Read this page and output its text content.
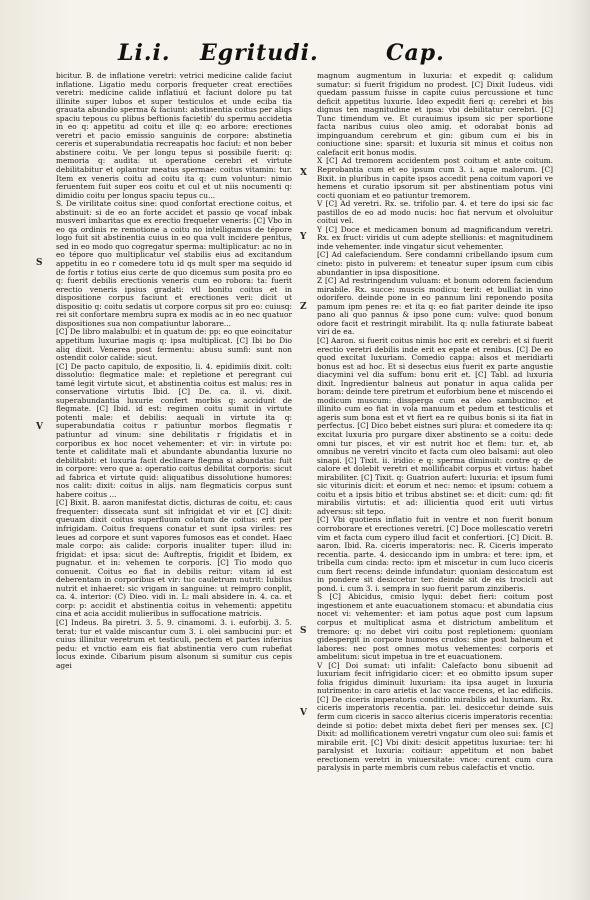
Li.i. Egritudi.	Cap.
S
V
X
Y
Z
S
V

bicitur. B. de inflatione veretri: vetrici medicine calide faciut inflatione. Ligatio medu corporis frequeter creat erectiões veretri: medicine calide inflatiuú et faciunt dolore pu tat illinite super lubos et super testiculos et unde eciba tia grauata abundio sperma & faciunt: abstinentia coitus per aliqs spaciu tepous cu plibus beftionis facietib' du spermu accidetia in eo q: appetitu ad coitu et ille q: eo arbore: erectiones veretri et pacio emissio sanguinis de corpore: abstinetia cereris et superabundatia recreapatis hoc faciut: et non beber abstinere coitu. Ve per longu tepus si possibile fuerit: q: memoria q: audita: ut operatione cerebri et virtute debilitabitur et oplantur meatus spermae: coitus vitamin: tur. Item ex veneris coitu ad coitu ita q: cum voluntur: nimio feruentem fuit super eos coitu et cul et ut niis nocumenti q: dimidio coitu per longus spaciu tepus cu...

S. De virilitate coitus sine: quod confortat erectione coitus, et abstinuit: si de eo an forte accidet et passio qe vocaf inbak musveri imbaritas que ex erectio frequeter veneris: [C] Vbo in eo qa ordinis re remotione a coitu no intelligamus de tépore logo fuit sit abstinentia cuius in eo qua vult incidere penitus, sed in eo modo quo cogregatur sperma: multiplicatur: ac no in eo tépore quo multiplicatur vel stabilis eius ad excitandum appetitu in eo r comedere totu id qs mult sper ma sequido id de fortis r totius eius certe de quo dicemus sum posita pro eo q: fuerit debilis erectionis veneris cum eo robora: ta: fuerit erectio veneris ipsius gradati: vtl bonitu coitus et in dispositione corpus faciunt et erectiones veri: dicit ut dispositio q: coitu sedatis ut corpore corpus sit pro eo: cuiusq: rei sit confortare membru supra ex modis ac in eo nec quatuor dispositiones sua non compatiuntur laborare...

[C] De libro malabulbi: et in quatum de: pp: eo que eoincitatur appetitum luxuriae magis q: ipsa multiplicat. [C] Ibi bo Dio aliq dixit. Venerea post fermentu: abusu sumfi: sunt non ostendit color calide: sicut.

[C] De pacto capitulo, de expositio, li. 4. epidimiis dixit. colt: dissolutio: flegmatice male: et repletione et peregrant cui tamé legit virtute sicut, et abstinentia coitus est malus: res in conservatione virtutis Ibid. [C] De. ca. il. vi. dixit. superabundantia luxurie confert morbis q: accidunt de flegmate. [C] Ibid. id est: regimen coitu sumit in virtute potenti male: et debilis: aequali in virtute ita q: superabundatia coitus r patiuntur morbos flegmatis r patiuntur ad vinum: sine debilitatis r frigidatis et in corporibus ex hoc nocet vehementer: et vir: in virtute po: tente et caliditate mali et abundante abundantia luxurie no debilitabit: et luxuria facit declinare flegma si abundatia: fuit in corpore: vero que a: operatio coitus debilitat corporis: sicut ad fabrica et virtute quid: aliquatibus dissolutione humores: nos calit: dixit: coitus in alijs. nam flegmaticis corpus sunt habere coitus ...

[C] Bixit. B. aaron manifestat dictis, dicturas de coitu, et: caus frequenter: dissecata sunt sit infrigidat et vir et [C] dixit: queuam dixit coitus superfluum colatum de coitus: erit per infrigidam. Coitus frequens conatur et sunt ipsa viriles: res leues ad corpore et sunt vapores fumosos eas et condet. Haec male corpo: ais calide: corporis inualiter tuper: illud in: frigidat: et ipsa: sicut de: Auftreptis, frigidit et Ibidem, ex pugnatur. et in: vehemen te corporis. [C] Tio modo quo conuenit. Coitus eo fiat in debilis reitur: vitam id est deberentam in corporibus et vir: tuc cauletrum nutrit: Iubilus nutrit et inhaeret: sic vrigam in sanguine: ut reimpro conplit, ca. 4. interior: (C) Dieo. vidi in. L: mali absidere in. 4. ca. et corp: p: accidit et abstinentia coitus in vehementi: appetitu cina et acia accidit mulieribus in suffocatione matricis.

[C] Indeus. Ba piretri. 3. 5. 9. cinamomi. 3. i. euforbij. 3. 5. terat: tur et valde miscantur cum 3. i. olei sambucini pur: et cuius illinitur veretrum et testiculi, pectem et partes inferius pedu: et vnctio eam eis fiat abstinentia vero cum rubefiat locus exinde. Cibarium pisum alsonum si sumitur cus cepis agei

magnum augmentum in luxuria: et expedit q: calidum sumatur: si fuerit frigidum no prodest. [C] Dixit Iudeus. vidi quedam passum fuisse in capite cuius percussione et tunc deficit appetitus luxurie. Ideo expedit fieri q: cerebri et bis dignus ten magnitudine et ipsa: vbi debilitatur cerebri. [C] Tunc timendum ve. Et curauimus ipsum sic per sportione facta naribus cuius oleo amig. et odorabat bonis ad impinguandum cerebrum et gin: gibum cum ei bis in coniuctione sine: sparsit: et luxuria sit minus et coitus non calefacit erit bonus modis.

X [C] Ad tremorem accidentem post coitum et ante coitum. Reprobantia cum et eo ipsum cum 3. i. aque malorum. [C] Bixit. in pluribus in capite ipsos accedit pena coitum vapori ve hemens et curatio ipsorum sit per abstinentiam potus vini cocti quoniam et eo patiuntur tremorem.

V [C] Ad veretri. Rx. se. trifolio par. 4. et tere do ipsi sic fac pastillos de eo ad modo nucis: hoc fiat nervum et olvoluitur coitui vel.

Y [C] Doce et medicamen bonum ad magnificandum veretri. Rx. ex fruct: viridis ut cum adepte stellionis: et magnitudinem inde vehementer. inde vingatur sicut vehementer.

[C] Ad calefaciendum. Sere condamni cribellando ipsum cum cineto: pisto in pulverem: et teneatur super ipsum cum cibis abundantier in ipsa dispositione.

Z [C] Ad restringendum vuluam: et bonum odorem faciendum mirabile. Rx. succe: muscis modicu: terit: et bulliat in vino odorifero. deinde pone in eo pannum lini reponendo posita pamum ipm penes re: et ita q: eo fiat pariter deinde ite ipso pano ali quo pannus & ipso pone cum: vulve: quod bonum odore facit et restringit mirabilit. Ita q: nulla fatiurate babeat viri de ea.

[C] Aaron. si fuerit coitus nimis hoc erit ex cerebri: et si fuerit erectio veretri debilis inde erit ex epate et renibus. [C] De eo quod excitat luxuriam. Comedio cappa: alsos et meridiarti bonus est ad hoc. Et si desectus eius fuerit ex parte angustie diacymini vel dia suffum: bonu erit et. [C] Tabl. ad luxuria dixit. Ingredientur balneus aut ponatur in aqua calida per boram: deinde tere piretrum et euforbium bene et miscendo ei modicum muscum: dissperga cum ea oleo sambucino: et illinito cum eo fiat in vola manuum et pedum et testiculis et ageris sum bona est et vt fiert ea re quibus bonis si ita fiat in perfectus. [C] Dico bebet eistnes suri plura: et comedere ita q: excitat luxuria pro purgare dixer abstinento se a coitu: dede omni tur pisces, et vir est nutrit hoc et flem: tur. et, ab omnibus ne veretri vincito et facta cum oleo balsami: aut oleo sinapi. [C] Tixit. ii. iridio: e q: sperma diminuit: contre q: de calore et dolebit veretri et mollificabit corpus et virtus: habet mirabiliter. [C] Tixit. q: Guatrion aufert: luxuria: et ipsum fumi sic viturinis dicit: et eorum et nec: nemo: et ipsum: cotuem a coitu et a ipsis bitio et tribus abstinet se: et dicit: cum: qd: fit mirabilis virtutis: et ad: illicientia quod erit uuti virtus adversus: sit tepo.

[C] Vbi quotiens inflatio fuit in ventre et non fuerit bonum corroborare et erectiones veretri. [C] Doce mollescatio veretri vim et facta cum cypero illud facit et confertiori. [C] Dicit. B. aaron. Ibid. Ra. ciceris imperatoris: nec. R. Ciceris imperato recentia. parte. 4. desiccando ipm in umbra: et tere: ipm, et tribella cum cinda: recto: ipm et miscetur in cum luco ciceris cum fiert recens: deinde infundatur: quoniam desiccatum est in pondere sit desiccetur ter: deinde sit de eis trocicli aut pond. i. cum 3. i. sempra in suo fuerit parum zinziberis.

S [C] Abicidus, cmisio lyqui: debet fieri: coitum post ingestionem et ante euacuationem stomacu: et abundatia cius nocet vi: vehementer: et iam potus aque post cum lapsum corpus et multiplicat asma et districtum ambelitum et tremore: q: no debet viri coitu post repletionem: quoniam gidespergit in corpore humores crudos: sine post balneum et labores: nec post omnes motus vehementes: corporis et ambelitum: sicut impetua in tre et euacuationem.

V [C] Doi sumat: uti infalit: Calefacto bonu sibuenit ad luxuriam fecit infrigidario cicer: et eo obmitto ipsum super folia frigidus diminuit luxuriam: ita ipsa auget in luxuria nutrimento: in caro arietis et lac vacce recens, et lac edificiis. [C] De ciceris imperatoris conditio mirabilis ad luxuriam. Rx. ciceris imperatoris recentia. par. lei. desiccetur deinde suis ferm cum ciceris in sacco alterius ciceris imperatoris recentia: deinde si potio: debet mixta debet fieri per menses sex. [C] Dixit: ad mollificationem veretri vngatur cum oleo sui: famis et mirabile erit. [C] Vbi dixit: desicit appetitus luxuriae: ter: hi paralysist et luxuria: coitiaur: appetitum et non babet erectionem veretri in vniuersitate: vnce: curent cum cura paralysis in parte membris cum rebus calefactis et vnctio.
